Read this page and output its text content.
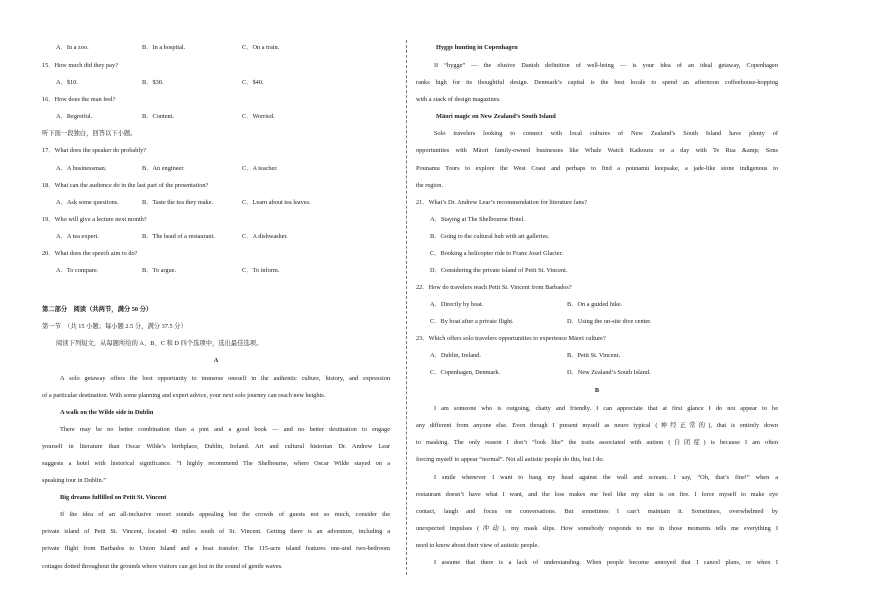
A．In a zoo.	B．In a hospital.	C．On a train.
15．How much did they pay?
A．$10.	B．$30.	C．$40.
16．How does the man feel?
A．Regretful.	B．Content.	C．Worried.
听下面一段独白，回答以下小题。
17．What does the speaker do probably?
A．A businessman.	B．An engineer.	C．A teacher.
18．What can the audience do in the last part of the presentation?
A．Ask some questions.	B．Taste the tea they make.	C．Learn about tea leaves.
19．Who will give a lecture next month?
A．A tea expert.	B．The head of a restaurant.	C．A dishwasher.
20．What does the speech aim to do?
A．To compare.	B．To argue.	C．To inform.
第二部分　阅读（共两节，满分 50 分）
第一节　（共 15 小题；每小题 2.5 分，满分 37.5 分）
阅读下列短文，从每题所给的 A、B、C 和 D 四个选项中，选出最佳选项。
A
A solo getaway offers the best opportunity to immerse oneself in the authentic culture, history, and expression
of a particular destination. With some planning and expert advice, your next solo journey can reach new heights.
A walk on the Wilde side in Dublin
There may be no better combination than a pint and a good book — and no better destination to engage
yourself in literature than Oscar Wilde’s birthplace, Dublin, Ireland. Art and cultural historian Dr. Andrew Lear
suggests a hotel with historical significance. “I highly recommend The Shelbourne, where Oscar Wilde stayed on a
speaking tour in Dublin.”
Big dreams fulfilled on Petit St. Vincent
If the idea of an all-inclusive resort sounds appealing but the crowds of guests not so much, consider the
private island of Petit St. Vincent, located 40 miles south of St. Vincent. Getting there is an adventure, including a
private flight from Barbados to Union Island and a boat transfer. The 115-acre island features one-and two-bedroom
cottages dotted throughout the grounds where visitors can get lost in the sound of gentle waves.
Hygge hunting in Copenhagen
If “hygge” — the elusive Danish definition of well-being — is your idea of an ideal getaway, Copenhagen
ranks high for its thoughtful design. Denmark’s capital is the best locale to spend an afternoon coffeehouse-hopping
with a stack of design magazines.
Māori magic on New Zealand’s South Island
Solo travelers looking to connect with local cultures of New Zealand’s South Island have plenty of
opportunities with Māori family-owned businesses like Whale Watch Kaikoura or a day with Te Rua &amp; Sons
Pounamu Tours to explore the West Coast and perhaps to find a pounamu keepsake, a jade-like stone indigenous to
the region.
21．What’s Dr. Andrew Lear’s recommendation for literature fans?
A．Staying at The Shelbourne Hotel.
B．Going to the cultural hub with art galleries.
C．Booking a helicopter ride to Franz Josef Glacier.
D．Considering the private island of Petit St. Vincent.
22．How do travelers reach Petit St. Vincent from Barbados?
A．Directly by boat.	B．On a guided hike.
C．By boat after a private flight.	D．Using the on-site dive center.
23．Which offers solo travelers opportunities to experience Māori culture?
A．Dublin, Ireland.	B．Petit St. Vincent.
C．Copenhagen, Denmark.	D．New Zealand’s South Island.
B
I am someone who is outgoing, chatty and friendly. I can appreciate that at first glance I do not appear to be
any different from anyone else. Even though I present myself as neuro typical (神经正常的), that is entirely down
to masking. The only reason I don’t “look like” the traits associated with autism (自闭症) is because I am often
forcing myself to appear “normal”. Not all autistic people do this, but I do.
I smile whenever I want to bang my head against the wall and scream. I say, “Oh, that’s fine!” when a
restaurant doesn’t have what I want, and the loss makes me feel like my skin is on fire. I force myself to make eye
contact, laugh and focus on conversations. But sometimes I can’t maintain it. Sometimes, overwhelmed by
unexpected impulses (冲动), my mask slips. How somebody responds to me in those moments tells me everything I
need to know about their view of autistic people.
I assume that there is a lack of understanding. When people become annoyed that I cancel plans, or when I
